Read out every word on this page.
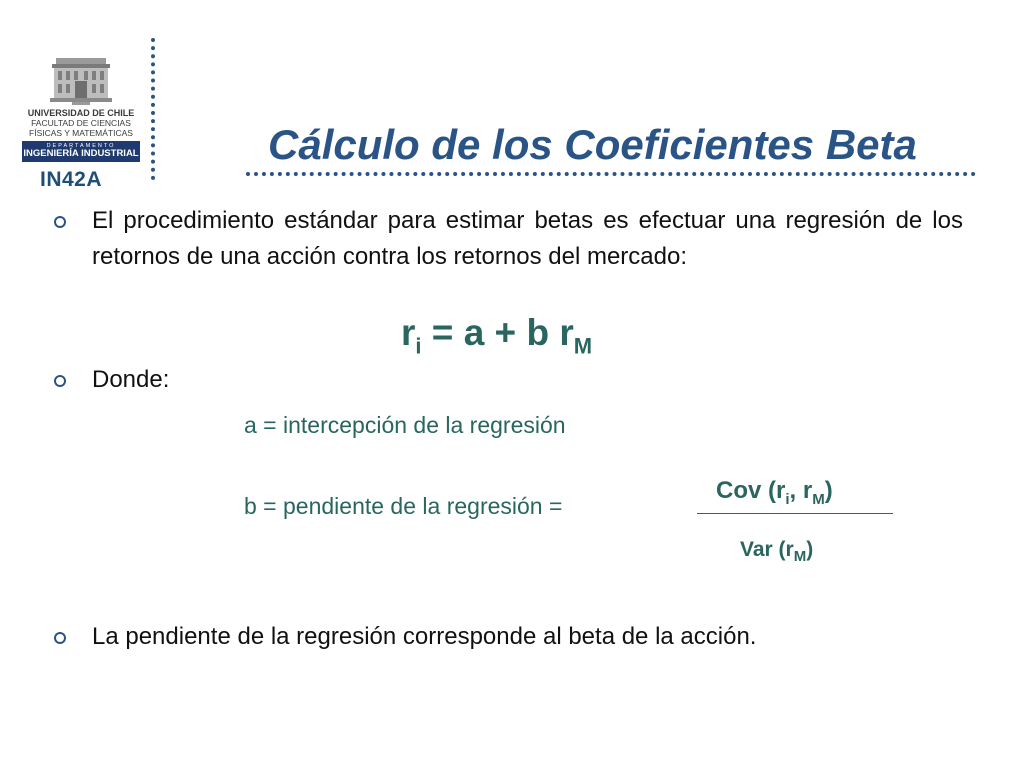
UNIVERSIDAD DE CHILE
FACULTAD DE CIENCIAS
FÍSICAS Y MATEMÁTICAS
DEPARTAMENTO
INGENIERÍA INDUSTRIAL
IN42A
Cálculo de los Coeficientes Beta
El procedimiento estándar para estimar betas es efectuar una regresión de los retornos de una acción contra los retornos del mercado:
$r_i = a + b$ $r_M$
Donde:
a = intercepción de la regresión
b = pendiente de la regresión =
Cov ($r_i$, $r_M$)
Var $(r_M)$
La pendiente de la regresión corresponde al beta de la acción.
